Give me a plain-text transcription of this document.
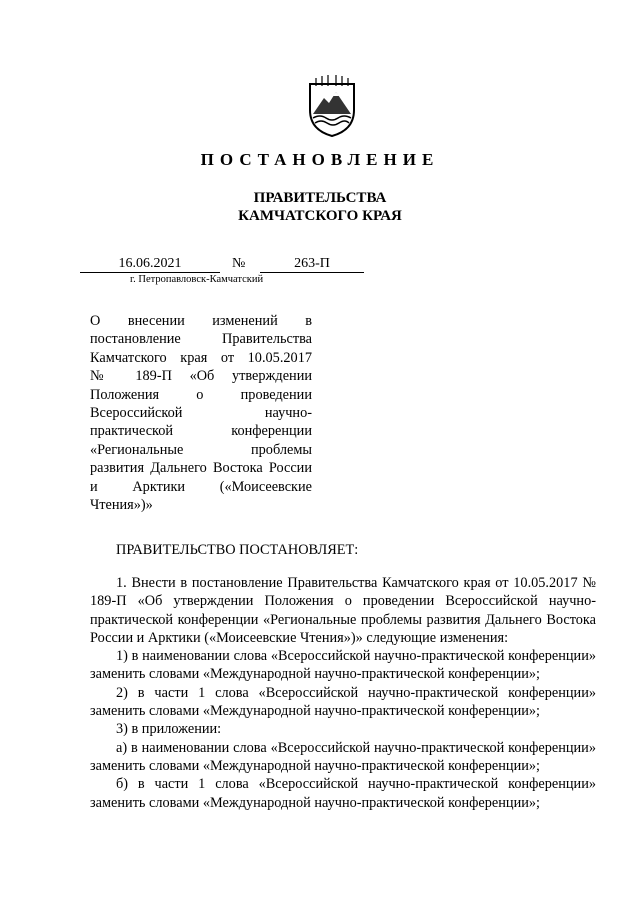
ПОСТАНОВЛЕНИЕ
ПРАВИТЕЛЬСТВА
КАМЧАТСКОГО КРАЯ
16.06.2021	№	263-П
г. Петропавловск-Камчатский
О внесении изменений в
постановление Правительства
Камчатского края от 10.05.2017
№ 189-П «Об утверждении
Положения о проведении
Всероссийской научно-
практической конференции
«Региональные проблемы
развития Дальнего Востока России
и Арктики («Моисеевские
Чтения»)»
ПРАВИТЕЛЬСТВО ПОСТАНОВЛЯЕТ:

1. Внести в постановление Правительства Камчатского края от 10.05.2017 № 189-П «Об утверждении Положения о проведении Всероссийской научно-практической конференции «Региональные проблемы развития Дальнего Востока России и Арктики («Моисеевские Чтения»)» следующие изменения:

1) в наименовании слова «Всероссийской научно-практической конференции» заменить словами «Международной научно-практической конференции»;

2) в части 1 слова «Всероссийской научно-практической конференции» заменить словами «Международной научно-практической конференции»;

3) в приложении:

а) в наименовании слова «Всероссийской научно-практической конференции» заменить словами «Международной научно-практической конференции»;

б) в части 1 слова «Всероссийской научно-практической конференции» заменить словами «Международной научно-практической конференции»;
